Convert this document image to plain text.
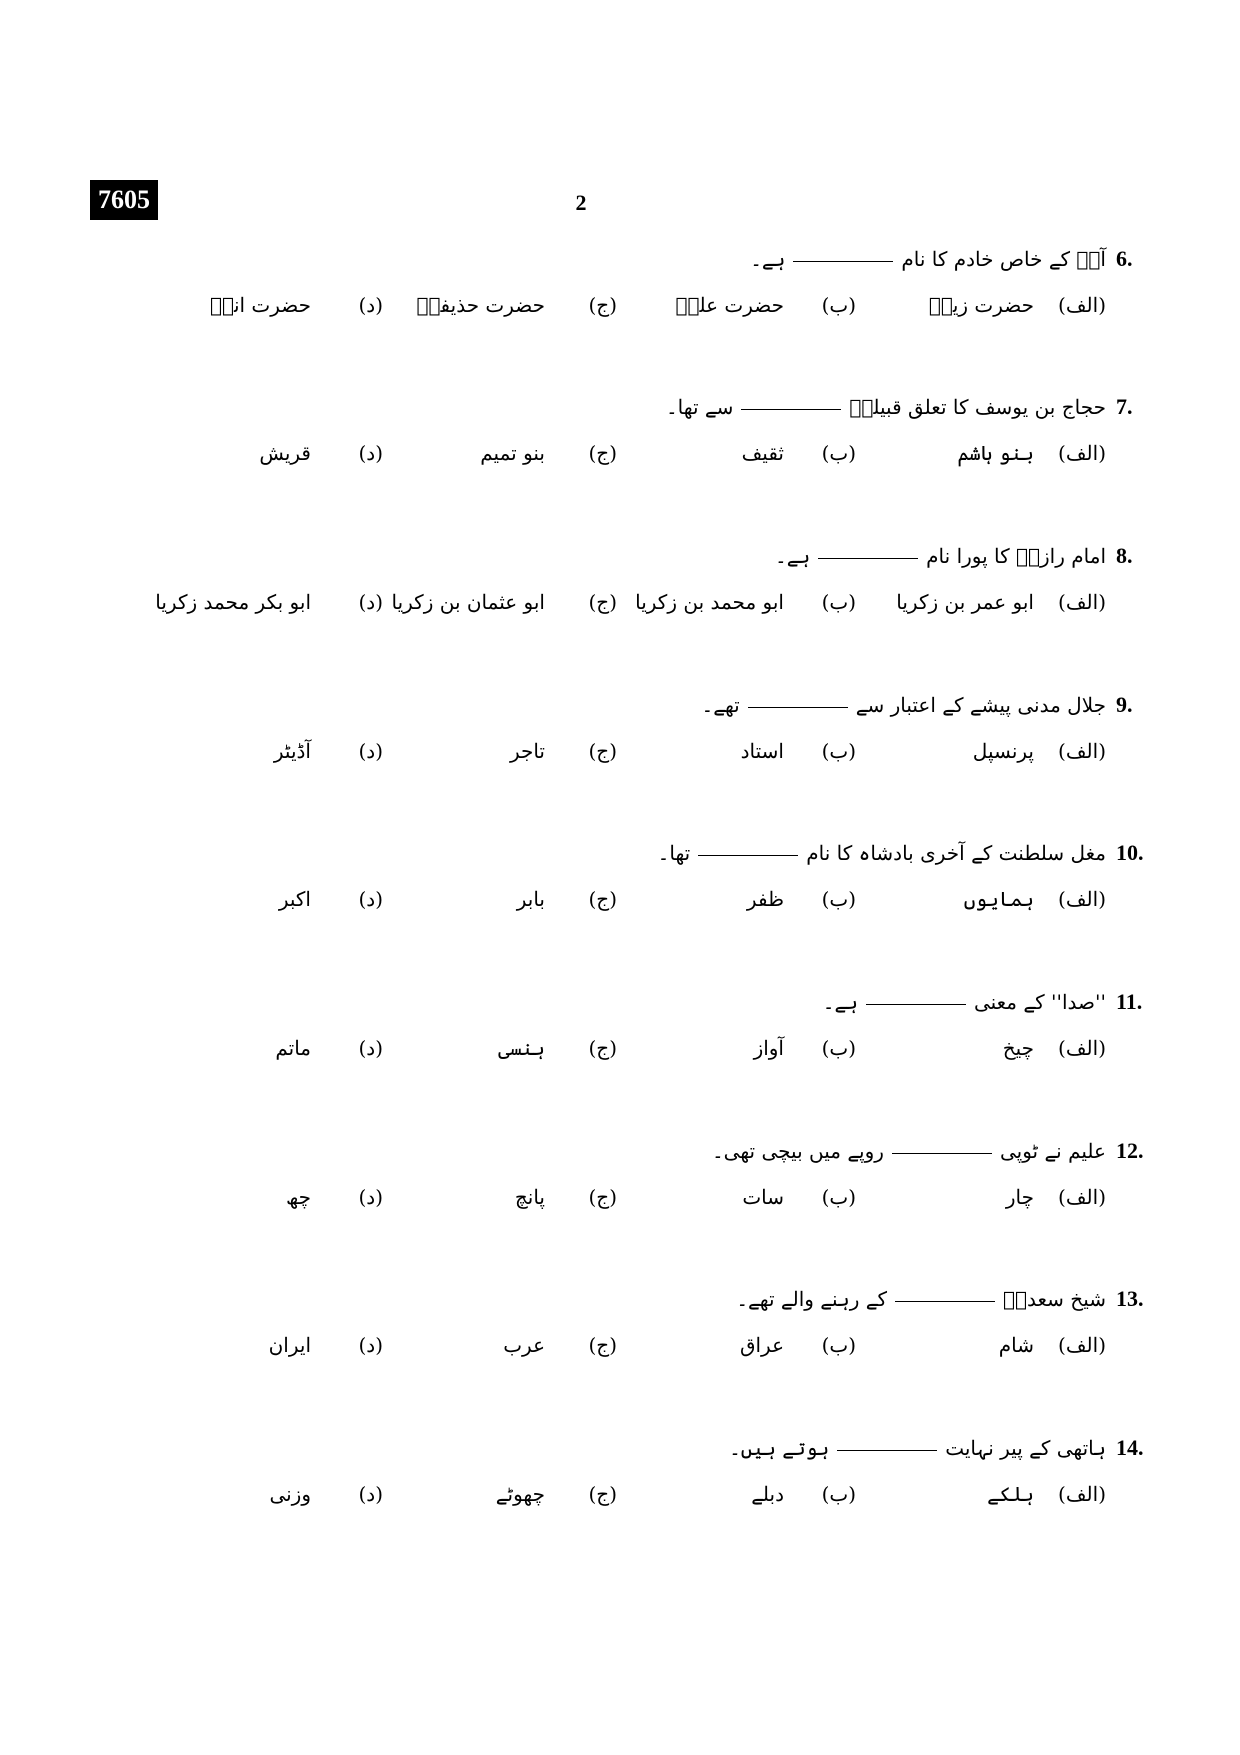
7605	2
6.
آپؐ کے خاص خادم کا نامہے۔
(الف)حضرت زیدؓ
(ب)حضرت علیؓ
(ج)حضرت حذیفہؓ
(د)حضرت انسؓ
7.
حجاج بن یوسف کا تعلق قبیلہٗسے تھا۔
(الف)بنو ہاشم
(ب)ثقیف
(ج)بنو تمیم
(د)قریش
8.
امام رازیؒ کا پورا نامہے۔
(الف)ابو عمر بن زکریا
(ب)ابو محمد بن زکریا
(ج)ابو عثمان بن زکریا
(د)ابو بکر محمد زکریا
9.
جلال مدنی پیشے کے اعتبار سےتھے۔
(الف)پرنسپل
(ب)استاد
(ج)تاجر
(د)آڈیٹر
10.
مغل سلطنت کے آخری بادشاہ کا نامتھا۔
(الف)ہمایوں
(ب)ظفر
(ج)بابر
(د)اکبر
11.
''صدا'' کے معنیہے۔
(الف)چیخ
(ب)آواز
(ج)ہنسی
(د)ماتم
12.
علیم نے ٹوپیروپے میں بیچی تھی۔
(الف)چار
(ب)سات
(ج)پانچ
(د)چھ
13.
شیخ سعدیؒکے رہنے والے تھے۔
(الف)شام
(ب)عراق
(ج)عرب
(د)ایران
14.
ہاتھی کے پیر نہایتہوتے ہیں۔
(الف)ہلکے
(ب)دبلے
(ج)چھوٹے
(د)وزنی
